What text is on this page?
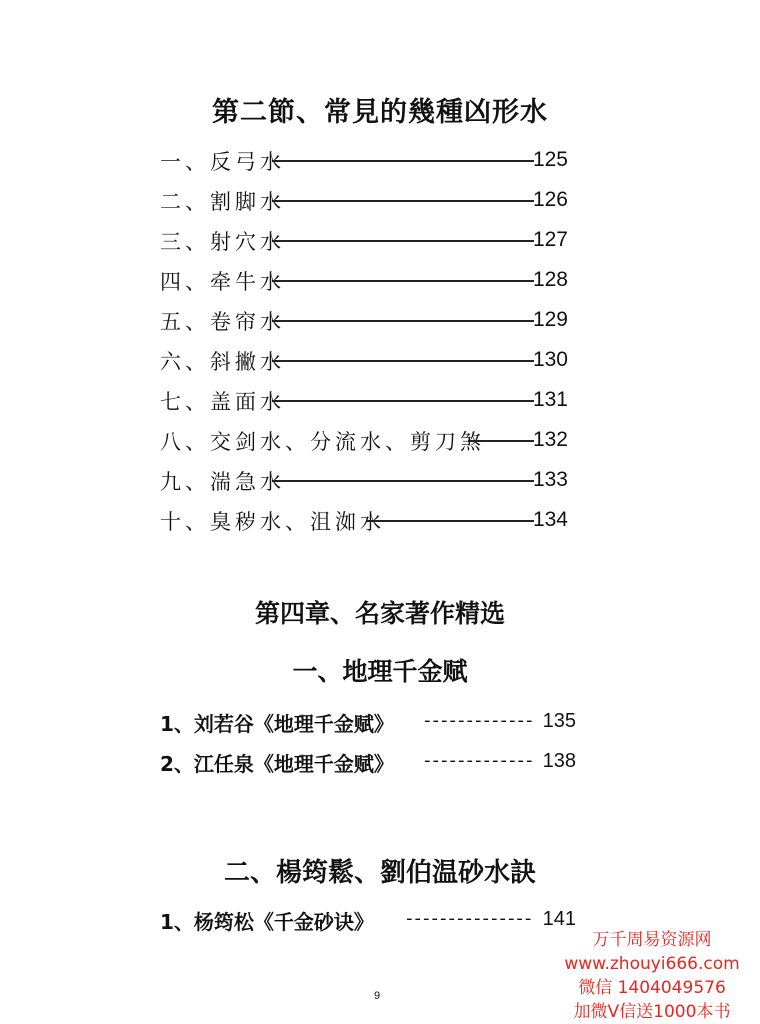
第二節、常見的幾種凶形水
一、反弓水	125
二、割脚水	126
三、射穴水	127
四、牵牛水	128
五、卷帘水	129
六、斜撇水	130
七、盖面水	131
八、交剑水、分流水、剪刀煞 132
九、湍急水	133
十、臭秽水、沮洳水	134
第四章、名家著作精选
一、地理千金赋
1、刘若谷《地理千金赋》 ------------- 135
2、江任泉《地理千金赋》 ------------- 138
二、楊筠鬆、劉伯温砂水訣
1、杨筠松《千金砂诀》 --------------- 141
9
万千周易资源网
www.zhouyi666.com
微信 1404049576
加微V信送1000本书
